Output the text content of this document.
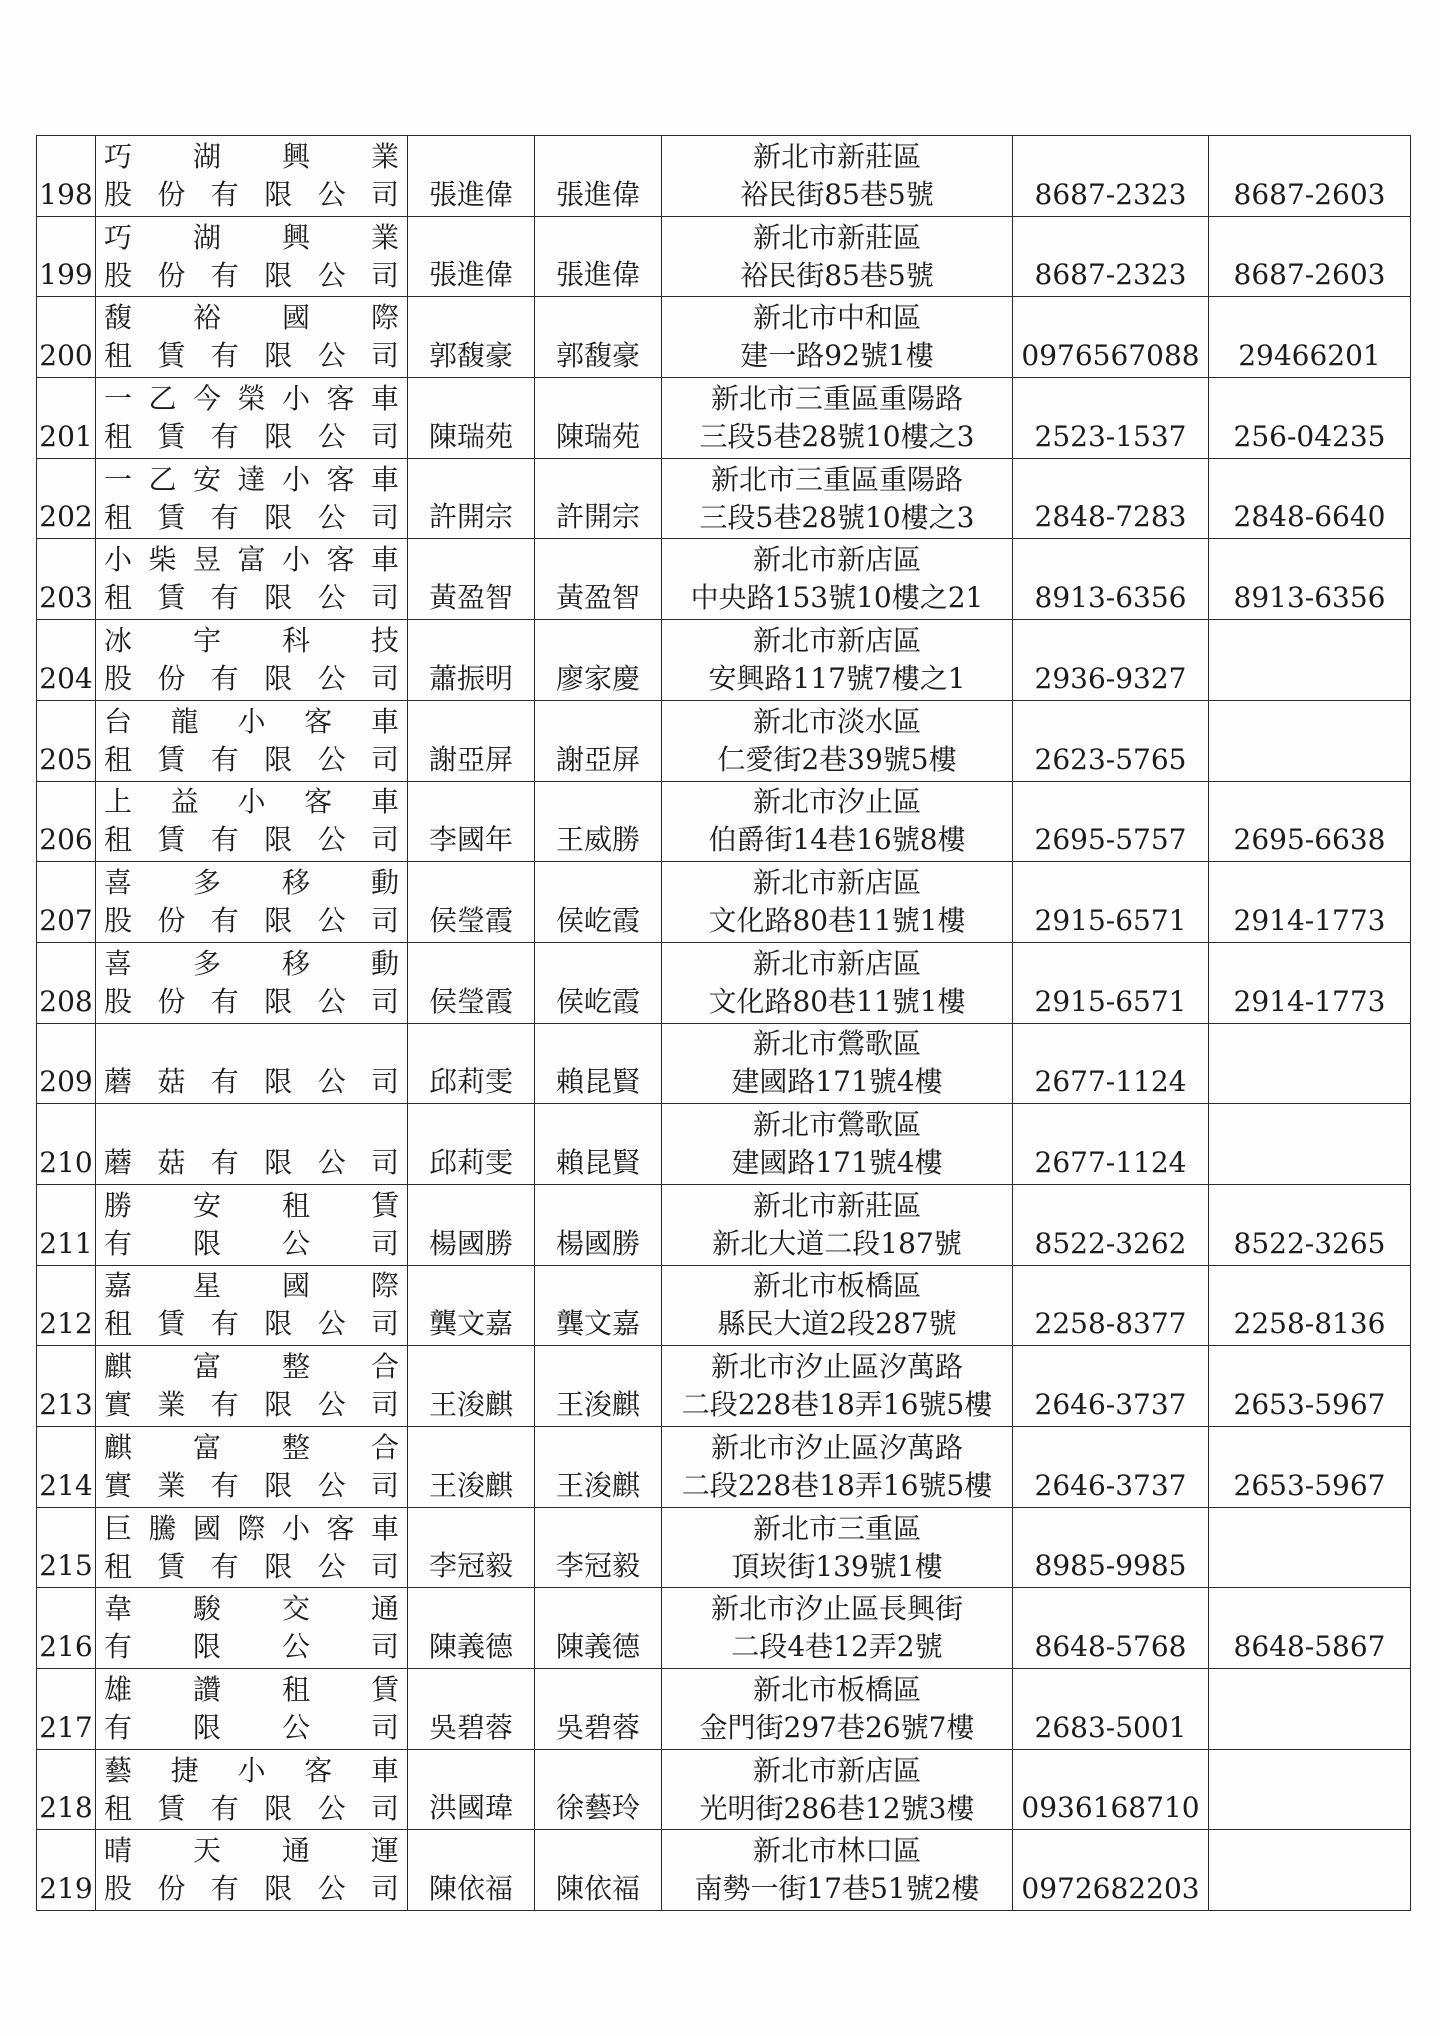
198	巧 湖 興 業
股 份 有 限 公 司	張進偉	張進偉	新北市新莊區
裕民街85巷5號	8687-2323	8687-2603
199	巧 湖 興 業
股 份 有 限 公 司	張進偉	張進偉	新北市新莊區
裕民街85巷5號	8687-2323	8687-2603
200	馥 裕 國 際
租 賃 有 限 公 司	郭馥豪	郭馥豪	新北市中和區
建一路92號1樓	0976567088	29466201
201	一乙今榮小客車
租 賃 有 限 公 司	陳瑞苑	陳瑞苑	新北市三重區重陽路
三段5巷28號10樓之3	2523-1537	256-04235
202	一乙安達小客車
租 賃 有 限 公 司	許開宗	許開宗	新北市三重區重陽路
三段5巷28號10樓之3	2848-7283	2848-6640
203	小柴昱富小客車
租 賃 有 限 公 司	黃盈智	黃盈智	新北市新店區
中央路153號10樓之21	8913-6356	8913-6356
204	冰 宇 科 技
股 份 有 限 公 司	蕭振明	廖家慶	新北市新店區
安興路117號7樓之1	2936-9327	
205	台 龍 小 客 車
租 賃 有 限 公 司	謝亞屏	謝亞屏	新北市淡水區
仁愛街2巷39號5樓	2623-5765	
206	上 益 小 客 車
租 賃 有 限 公 司	李國年	王威勝	新北市汐止區
伯爵街14巷16號8樓	2695-5757	2695-6638
207	喜 多 移 動
股 份 有 限 公 司	侯瑩霞	侯屹霞	新北市新店區
文化路80巷11號1樓	2915-6571	2914-1773
208	喜 多 移 動
股 份 有 限 公 司	侯瑩霞	侯屹霞	新北市新店區
文化路80巷11號1樓	2915-6571	2914-1773
209	蘑 菇 有 限 公 司	邱莉雯	賴昆賢	新北市鶯歌區
建國路171號4樓	2677-1124	
210	蘑 菇 有 限 公 司	邱莉雯	賴昆賢	新北市鶯歌區
建國路171號4樓	2677-1124	
211	勝 安 租 賃
有 限 公 司	楊國勝	楊國勝	新北市新莊區
新北大道二段187號	8522-3262	8522-3265
212	嘉 星 國 際
租 賃 有 限 公 司	龔文嘉	龔文嘉	新北市板橋區
縣民大道2段287號	2258-8377	2258-8136
213	麒 富 整 合
實 業 有 限 公 司	王浚麒	王浚麒	新北市汐止區汐萬路
二段228巷18弄16號5樓	2646-3737	2653-5967
214	麒 富 整 合
實 業 有 限 公 司	王浚麒	王浚麒	新北市汐止區汐萬路
二段228巷18弄16號5樓	2646-3737	2653-5967
215	巨騰國際小客車
租 賃 有 限 公 司	李冠毅	李冠毅	新北市三重區
頂崁街139號1樓	8985-9985	
216	韋 駿 交 通
有 限 公 司	陳義德	陳義德	新北市汐止區長興街
二段4巷12弄2號	8648-5768	8648-5867
217	雄 讚 租 賃
有 限 公 司	吳碧蓉	吳碧蓉	新北市板橋區
金門街297巷26號7樓	2683-5001	
218	藝 捷 小 客 車
租 賃 有 限 公 司	洪國瑋	徐藝玲	新北市新店區
光明街286巷12號3樓	0936168710	
219	晴 天 通 運
股 份 有 限 公 司	陳依福	陳依福	新北市林口區
南勢一街17巷51號2樓	0972682203	
